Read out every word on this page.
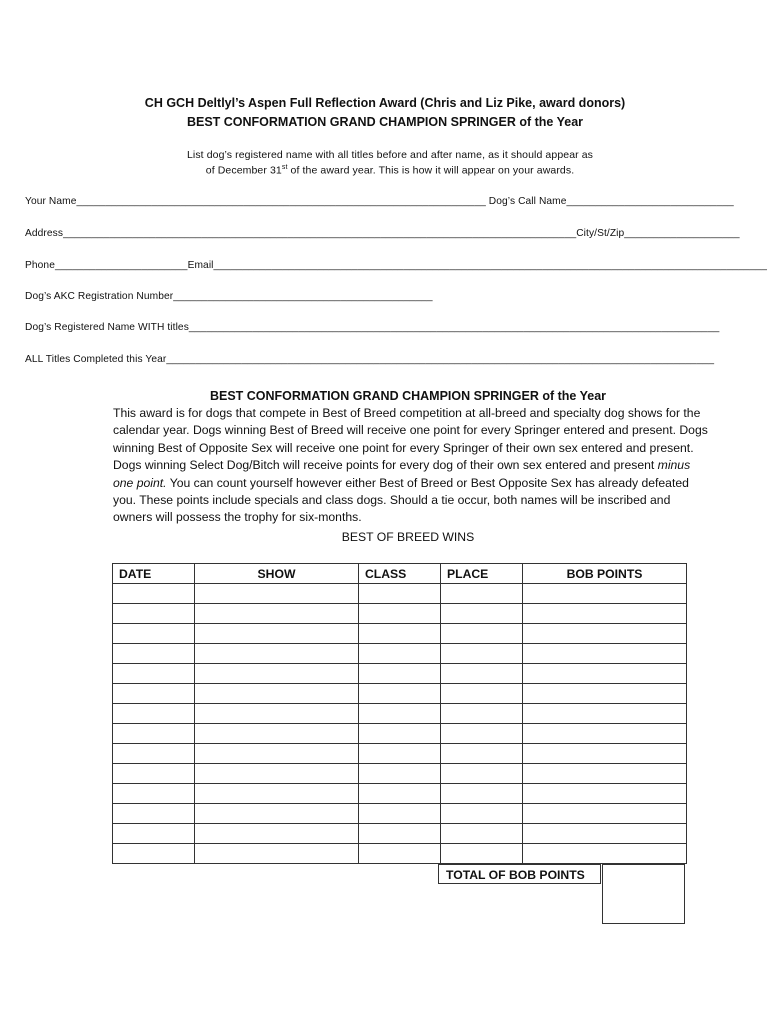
CH GCH Deltlyl’s Aspen Full Reflection Award (Chris and Liz Pike, award donors)
BEST CONFORMATION GRAND CHAMPION SPRINGER of the Year
List dog’s registered name with all titles before and after name, as it should appear as
of December 31st of the award year. This is how it will appear on your awards.
Your Name_______________________________________________________________________ Dog’s Call Name_____________________________
Address_________________________________________________________________________________________City/St/Zip____________________
Phone_______________________Email________________________________________________________________________________________________
Dog’s AKC Registration Number_____________________________________________
Dog’s Registered Name WITH titles____________________________________________________________________________________________
ALL Titles Completed this Year_______________________________________________________________________________________________
BEST CONFORMATION GRAND CHAMPION SPRINGER of the Year
This award is for dogs that compete in Best of Breed competition at all-breed and specialty dog shows for the calendar year. Dogs winning Best of Breed will receive one point for every Springer entered and present. Dogs winning Best of Opposite Sex will receive one point for every Springer of their own sex entered and present. Dogs winning Select Dog/Bitch will receive points for every dog of their own sex entered and present minus one point. You can count yourself however either Best of Breed or Best Opposite Sex has already defeated you. These points include specials and class dogs. Should a tie occur, both names will be inscribed and owners will possess the trophy for six-months.
BEST OF BREED WINS
DATE	SHOW	CLASS	PLACE	BOB POINTS

TOTAL OF BOB POINTS
